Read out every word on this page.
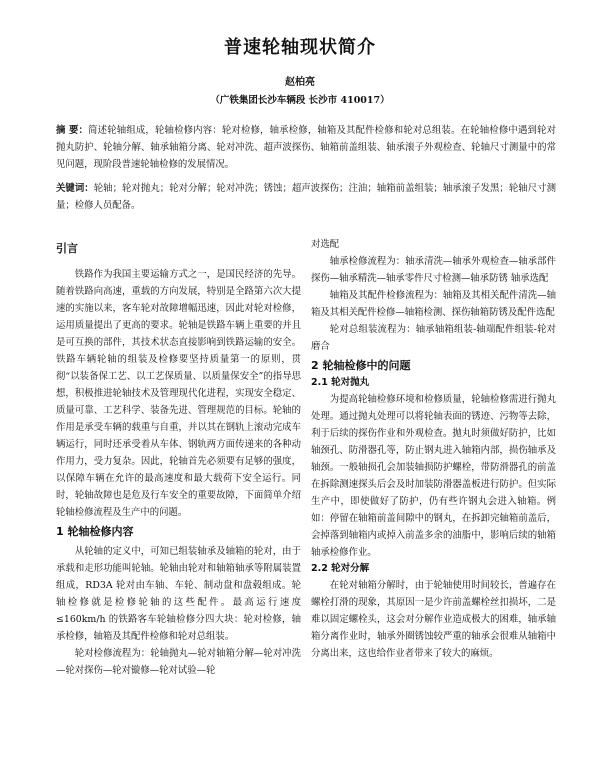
普速轮轴现状简介
赵柏亮
（广铁集团长沙车辆段 长沙市 410017）
摘 要：简述轮轴组成，轮轴检修内容：轮对检修，轴承检修，轴箱及其配件检修和轮对总组装。在轮轴检修中遇到轮对抛丸防护、轮轴分解、轴承轴箱分离、轮对冲洗、超声波探伤、轴箱前盖组装、轴承滚子外观检查、轮轴尺寸测量中的常见问题，现阶段普速轮轴检修的发展情况。
关键词：轮轴；轮对抛丸；轮对分解；轮对冲洗；锈蚀；超声波探伤；注油；轴箱前盖组装；轴承滚子发黑；轮轴尺寸测量；检修人员配备。
引言

铁路作为我国主要运输方式之一，是国民经济的先导。随着铁路向高速，重载的方向发展，特别是全路第六次大提速的实施以来，客车轮对故障增幅迅速，因此对轮对检修，运用质量提出了更高的要求。轮轴是铁路车辆上重要的并且是可互换的部件，其技术状态直接影响到铁路运输的安全。铁路车辆轮轴的组装及检修要坚持质量第一的原则，贯彻“以装备保工艺、以工艺保质量、以质量保安全”的指导思想，积极推进轮轴技术及管理现代化进程，实现安全稳定、质量可靠、工艺科学、装备先进、管理规范的目标。轮轴的作用是承受车辆的载重与自重，并以其在钢轨上滚动完成车辆运行，同时还承受着从车体、钢轨两方面传递来的各种动作用力，受力复杂。因此，轮轴首先必须要有足够的强度，以保障车辆在允许的最高速度和最大载荷下安全运行。同时，轮轴故障也是危及行车安全的重要故障，下面简单介绍轮轴检修流程及生产中的问题。

1 轮轴检修内容

从轮轴的定义中，可知已组装轴承及轴箱的轮对，由于承载和走形功能叫轮轴。轮轴由轮对和轴箱轴承等附属装置组成，RD3A 轮对由车轴、车轮、制动盘和盘毂组成。轮轴检修就是检修轮轴的这些配件。最高运行速度≤160km/h 的铁路客车轮轴检修分四大块：轮对检修，轴承检修，轴箱及其配件检修和轮对总组装。

轮对检修流程为：轮轴抛丸—轮对轴箱分解—轮对冲洗—轮对探伤—轮对镟修—轮对试验—轮

对选配

轴承检修流程为：轴承清洗—轴承外观检查—轴承部件探伤—轴承精洗—轴承零件尺寸检测—轴承防锈 轴承选配

轴箱及其配件检修流程为：轴箱及其相关配件清洗—轴箱及其相关配件检修—轴箱检测、探伤轴箱防锈及配件选配

轮对总组装流程为：轴承轴箱组装-轴端配件组装-轮对磨合

2 轮轴检修中的问题
2.1 轮对抛丸

为提高轮轴检修环境和检修质量，轮轴检修需进行抛丸处理。通过抛丸处理可以将轮轴表面的锈迹、污物等去除，利于后续的探伤作业和外观检查。抛丸时须做好防护，比如轴颈孔、防滑器孔等，防止钢丸进入轴箱内部，损伤轴承及轴颈。一般轴损孔会加装轴损防护螺栓，带防滑器孔的前盖在拆除测速探头后会及时加装防滑器盖板进行防护。但实际生产中，即使做好了防护，仍有些许钢丸会进入轴箱。例如：停留在轴箱前盖间隙中的钢丸，在拆卸完轴箱前盖后，会掉落到轴箱内或掉入前盖多余的油脂中，影响后续的轴箱轴承检修作业。

2.2 轮对分解

在轮对轴箱分解时，由于轮轴使用时间较长，普遍存在螺栓打滑的现象，其原因一是少许前盖螺栓丝扣损坏，二是难以固定螺栓头，这会对分解作业造成极大的困难，轴承轴箱分离作业时，轴承外圈锈蚀较严重的轴承会很难从轴箱中分离出来，这也给作业者带来了较大的麻烦。
